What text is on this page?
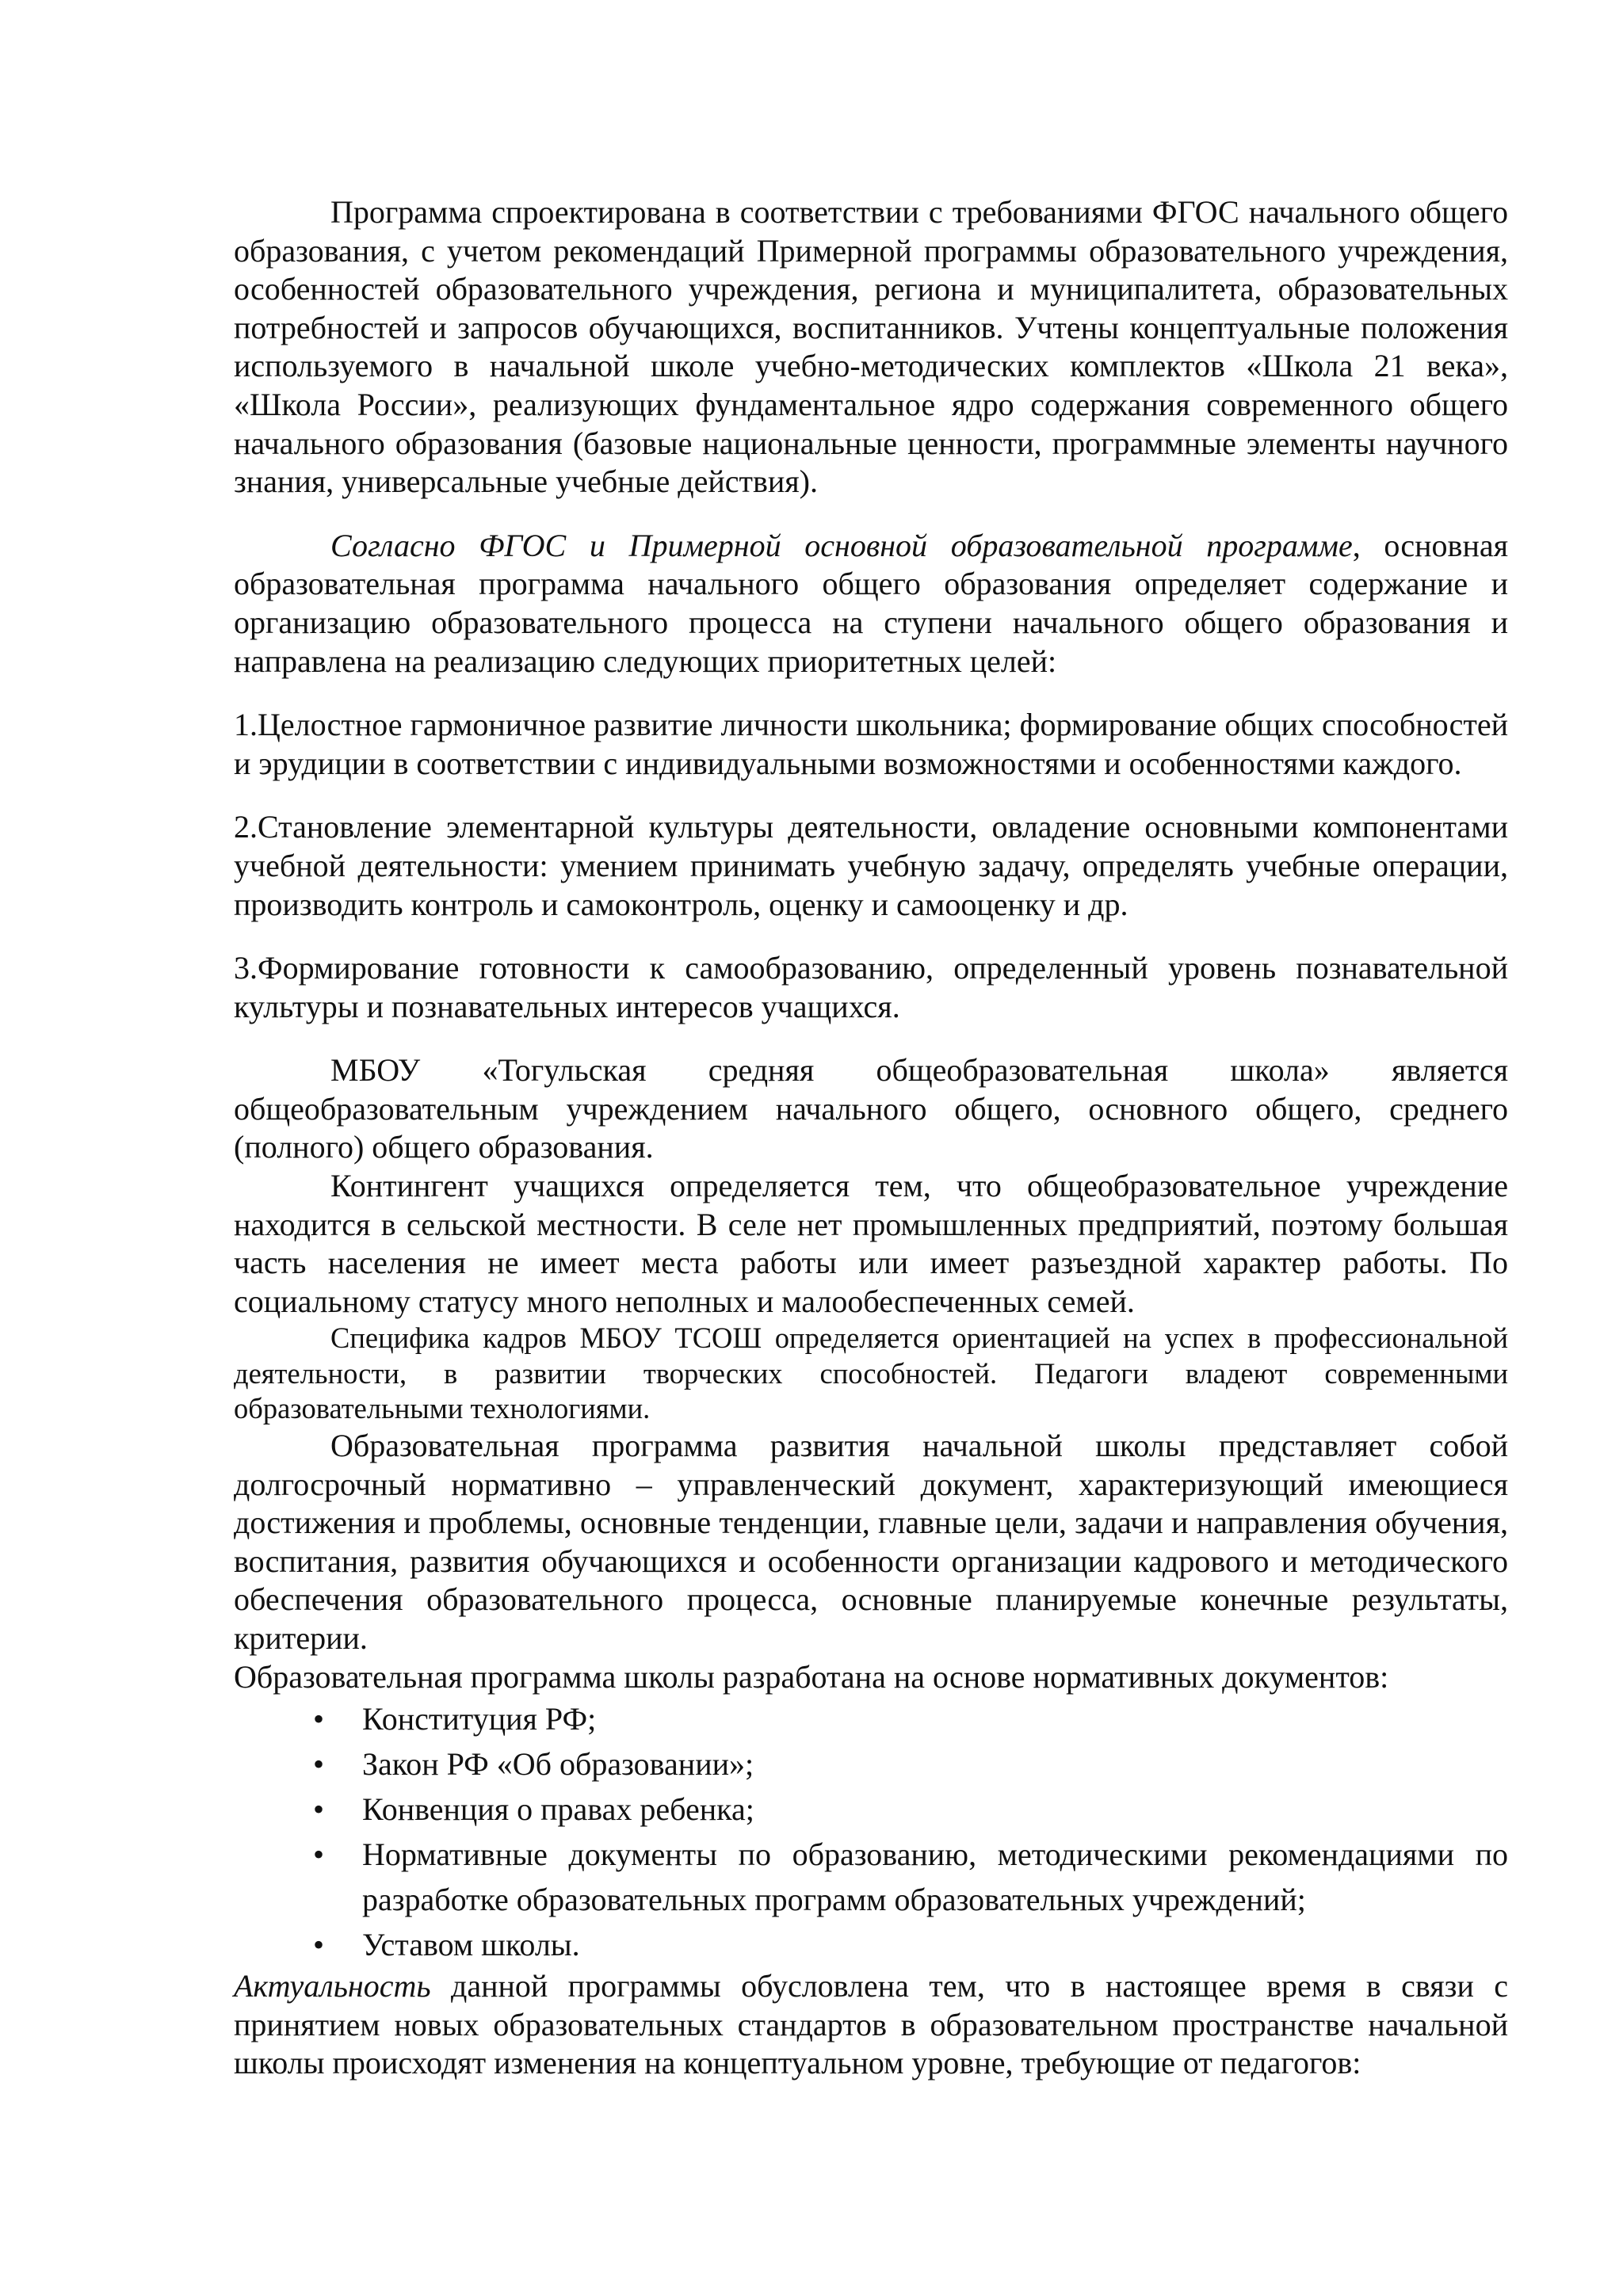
Программа спроектирована в соответствии с требованиями ФГОС начального общего образования, с учетом рекомендаций Примерной программы образовательного учреждения, особенностей образовательного учреждения, региона и муниципалитета, образовательных потребностей и запросов обучающихся, воспитанников. Учтены концептуальные положения используемого в начальной школе учебно-методических комплектов «Школа 21 века», «Школа России», реализующих фундаментальное ядро содержания современного общего начального образования (базовые национальные ценности, программные элементы научного знания, универсальные учебные действия).

Согласно ФГОС и Примерной основной образовательной программе, основная образовательная программа начального общего образования определяет содержание и организацию образовательного процесса на ступени начального общего образования и направлена на реализацию следующих приоритетных целей:

1.Целостное гармоничное развитие личности школьника; формирование общих способностей и эрудиции в соответствии с индивидуальными возможностями и особенностями каждого.

2.Становление элементарной культуры деятельности, овладение основными компонентами учебной деятельности: умением принимать учебную задачу, определять учебные операции, производить контроль и самоконтроль, оценку и самооценку и др.

3.Формирование готовности к самообразованию, определенный уровень познавательной культуры и познавательных интересов учащихся.

МБОУ «Тогульская средняя общеобразовательная школа» является общеобразовательным учреждением начального общего, основного общего, среднего (полного) общего образования.

Контингент учащихся определяется тем, что общеобразовательное учреждение находится в сельской местности. В селе нет промышленных предприятий, поэтому большая часть населения не имеет места работы или имеет разъездной характер работы. По социальному статусу много неполных и малообеспеченных семей.

Специфика кадров МБОУ ТСОШ определяется ориентацией на успех в профессиональной деятельности, в развитии творческих способностей. Педагоги владеют современными образовательными технологиями.

Образовательная программа развития начальной школы представляет собой долгосрочный нормативно – управленческий документ, характеризующий имеющиеся достижения и проблемы, основные тенденции, главные цели, задачи и направления обучения, воспитания, развития обучающихся и особенности организации кадрового и методического обеспечения образовательного процесса, основные планируемые конечные результаты, критерии.

Образовательная программа школы разработана на основе нормативных документов:

• Конституция РФ;
• Закон РФ «Об образовании»;
• Конвенция о правах ребенка;
• Нормативные документы по образованию, методическими рекомендациями по разработке образовательных программ образовательных учреждений;
• Уставом школы.

Актуальность данной программы обусловлена тем, что в настоящее время в связи с принятием новых образовательных стандартов в образовательном пространстве начальной школы происходят изменения на концептуальном уровне, требующие от педагогов:
